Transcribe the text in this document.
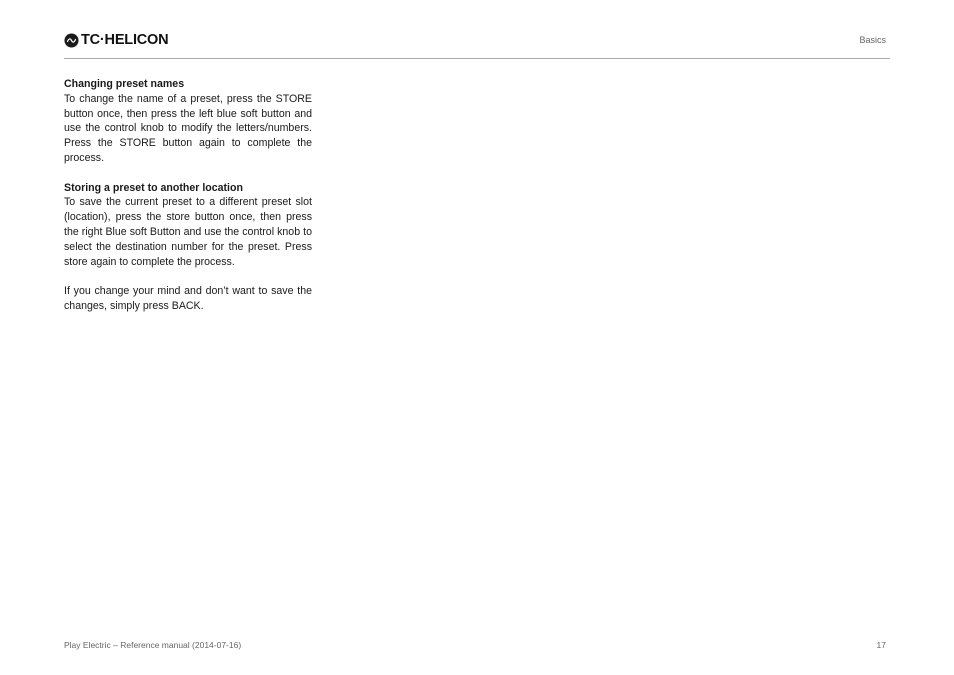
TC·HELICON	Basics
Changing preset names

To change the name of a preset, press the STORE button once, then press the left blue soft button and use the control knob to modify the letters/numbers. Press the STORE button again to complete the process.

Storing a preset to another location

To save the current preset to a different preset slot (location), press the store button once, then press the right Blue soft Button and use the control knob to select the destination number for the preset. Press store again to complete the process.

If you change your mind and don’t want to save the changes, simply press BACK.

Play Electric – Reference manual (2014-07-16)	17
